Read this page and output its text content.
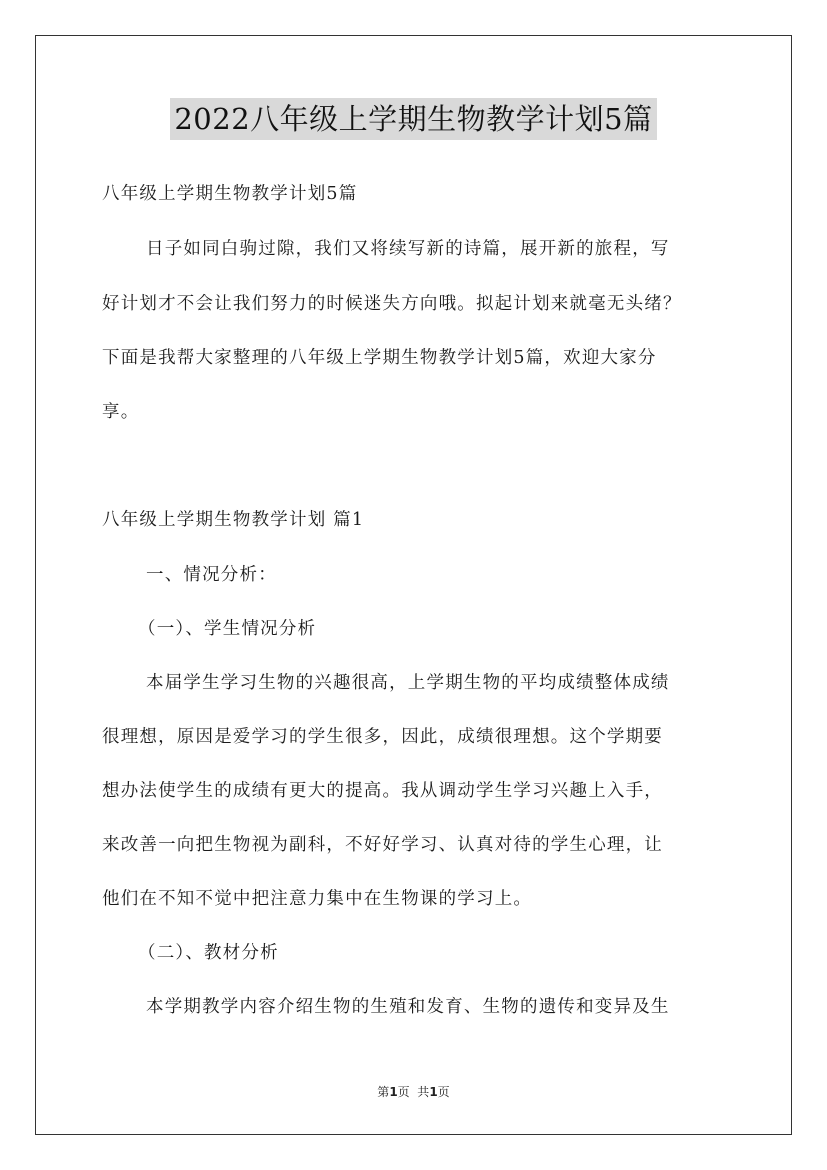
2022八年级上学期生物教学计划5篇
八年级上学期生物教学计划5篇
日子如同白驹过隙，我们又将续写新的诗篇，展开新的旅程，写
好计划才不会让我们努力的时候迷失方向哦。拟起计划来就毫无头绪？
下面是我帮大家整理的八年级上学期生物教学计划5篇，欢迎大家分
享。
八年级上学期生物教学计划 篇1
一、情况分析：
（一）、学生情况分析
本届学生学习生物的兴趣很高，上学期生物的平均成绩整体成绩
很理想，原因是爱学习的学生很多，因此，成绩很理想。这个学期要
想办法使学生的成绩有更大的提高。我从调动学生学习兴趣上入手，
来改善一向把生物视为副科，不好好学习、认真对待的学生心理，让
他们在不知不觉中把注意力集中在生物课的学习上。
（二）、教材分析
本学期教学内容介绍生物的生殖和发育、生物的遗传和变异及生
第1页  共1页
